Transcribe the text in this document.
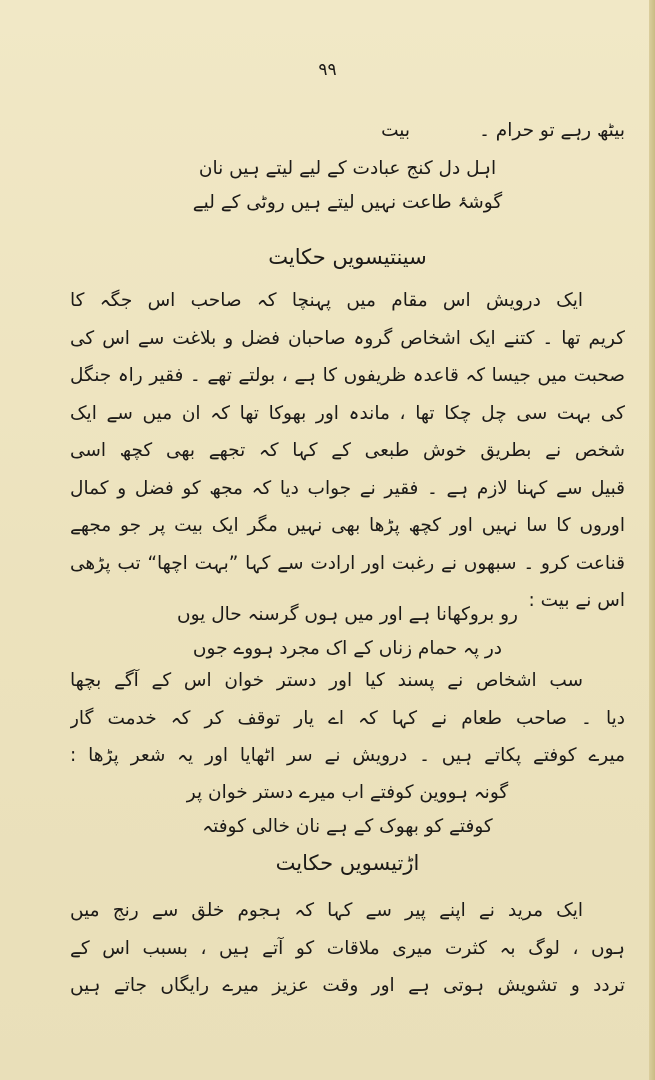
۹۹
بیٹھ رہے تو حرام ۔
بیت
اہل دل کنج عبادت کے لیے لیتے ہیں نان
گوشۂ طاعت نہیں لیتے ہیں روٹی کے لیے
سینتیسویں حکایت
ایک درویش اس مقام میں پہنچا کہ صاحب اس جگہ کا
کریم تھا ۔ کتنے ایک اشخاص گروہ صاحبان فضل و بلاغت سے اس کی
صحبت میں جیسا کہ قاعدہ ظریفوں کا ہے ، بولتے تھے ۔ فقیر راہ جنگل
کی بہت سی چل چکا تھا ، ماندہ اور بھوکا تھا کہ ان میں سے ایک
شخص نے بطریق خوش طبعی کے کہا کہ تجھے بھی کچھ اسی
قبیل سے کہنا لازم ہے ۔ فقیر نے جواب دیا کہ مجھ کو فضل و کمال
اوروں کا سا نہیں اور کچھ پڑھا بھی نہیں مگر ایک بیت پر جو مجھے
قناعت کرو ۔ سبھوں نے رغبت اور ارادت سے کہا ”بہت اچھا“ تب پڑھی
اس نے بیت :
رو بروکھانا ہے اور میں ہوں گرسنہ حال یوں
در پہ حمام زناں کے اک مجرد ہووے جوں
سب اشخاص نے پسند کیا اور دستر خوان اس کے آگے بچھا
دیا ۔ صاحب طعام نے کہا کہ اے یار توقف کر کہ خدمت گار
میرے کوفتے پکاتے ہیں ۔ درویش نے سر اٹھایا اور یہ شعر پڑھا :
گونہ ہووین کوفتے اب میرے دستر خوان پر
کوفتے کو بھوک کے ہے نان خالی کوفتہ
اڑتیسویں حکایت
ایک مرید نے اپنے پیر سے کہا کہ ہجوم خلق سے رنج میں
ہوں ، لوگ بہ کثرت میری ملاقات کو آتے ہیں ، بسبب اس کے
تردد و تشویش ہوتی ہے اور وقت عزیز میرے رایگاں جاتے ہیں
